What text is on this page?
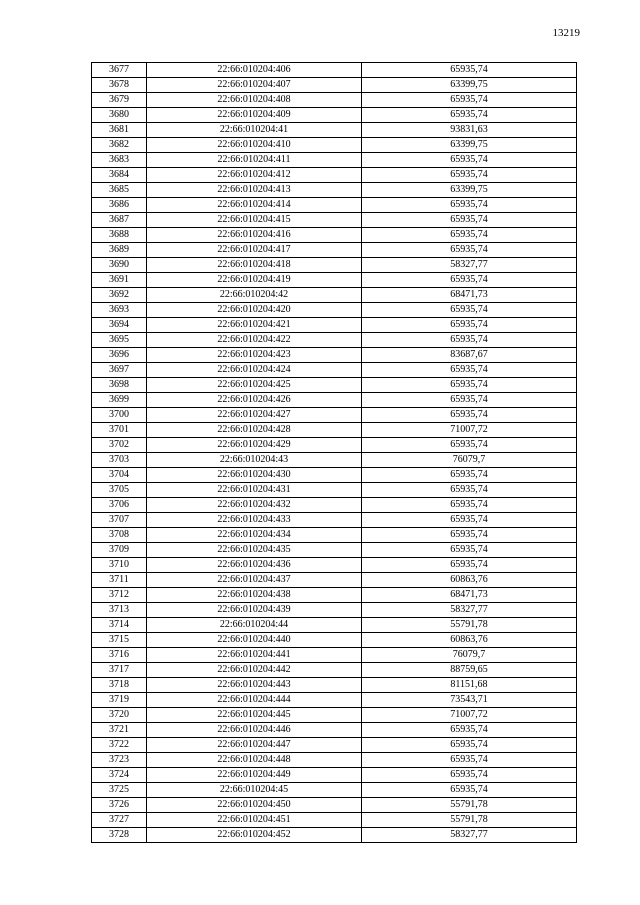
13219
3677	22:66:010204:406	65935,74
3678	22:66:010204:407	63399,75
3679	22:66:010204:408	65935,74
3680	22:66:010204:409	65935,74
3681	22:66:010204:41	93831,63
3682	22:66:010204:410	63399,75
3683	22:66:010204:411	65935,74
3684	22:66:010204:412	65935,74
3685	22:66:010204:413	63399,75
3686	22:66:010204:414	65935,74
3687	22:66:010204:415	65935,74
3688	22:66:010204:416	65935,74
3689	22:66:010204:417	65935,74
3690	22:66:010204:418	58327,77
3691	22:66:010204:419	65935,74
3692	22:66:010204:42	68471,73
3693	22:66:010204:420	65935,74
3694	22:66:010204:421	65935,74
3695	22:66:010204:422	65935,74
3696	22:66:010204:423	83687,67
3697	22:66:010204:424	65935,74
3698	22:66:010204:425	65935,74
3699	22:66:010204:426	65935,74
3700	22:66:010204:427	65935,74
3701	22:66:010204:428	71007,72
3702	22:66:010204:429	65935,74
3703	22:66:010204:43	76079,7
3704	22:66:010204:430	65935,74
3705	22:66:010204:431	65935,74
3706	22:66:010204:432	65935,74
3707	22:66:010204:433	65935,74
3708	22:66:010204:434	65935,74
3709	22:66:010204:435	65935,74
3710	22:66:010204:436	65935,74
3711	22:66:010204:437	60863,76
3712	22:66:010204:438	68471,73
3713	22:66:010204:439	58327,77
3714	22:66:010204:44	55791,78
3715	22:66:010204:440	60863,76
3716	22:66:010204:441	76079,7
3717	22:66:010204:442	88759,65
3718	22:66:010204:443	81151,68
3719	22:66:010204:444	73543,71
3720	22:66:010204:445	71007,72
3721	22:66:010204:446	65935,74
3722	22:66:010204:447	65935,74
3723	22:66:010204:448	65935,74
3724	22:66:010204:449	65935,74
3725	22:66:010204:45	65935,74
3726	22:66:010204:450	55791,78
3727	22:66:010204:451	55791,78
3728	22:66:010204:452	58327,77
